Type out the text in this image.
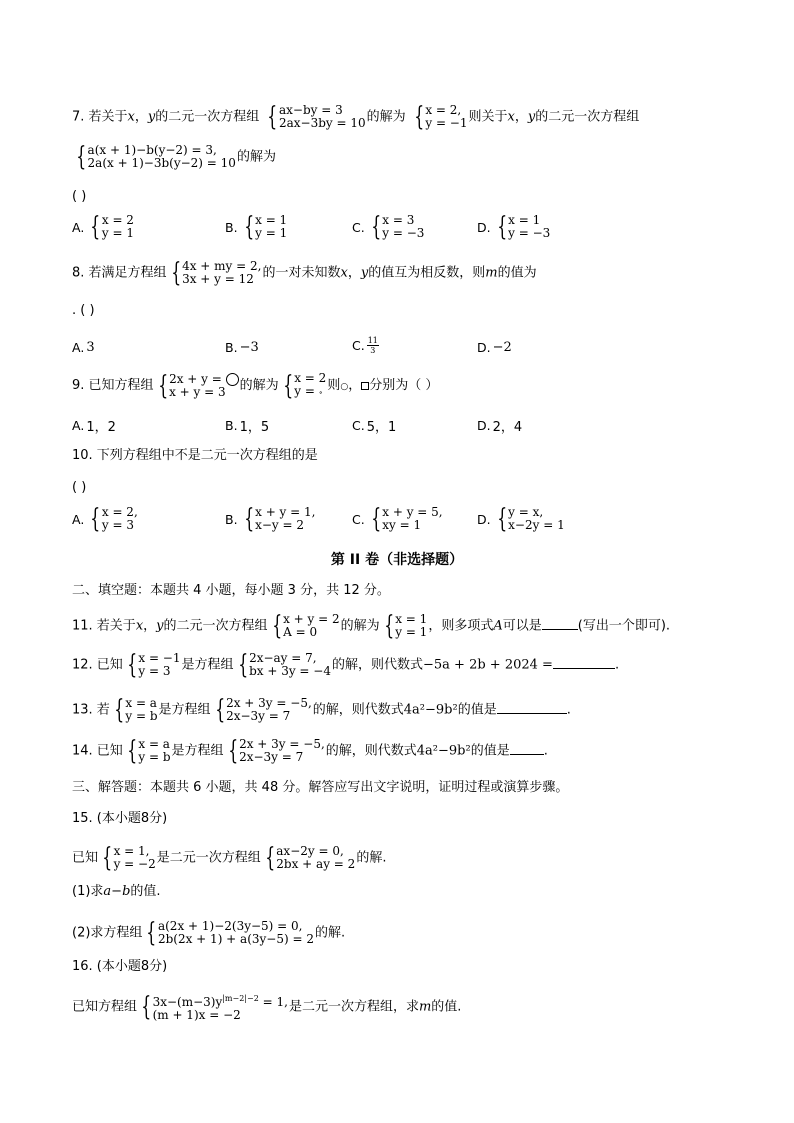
7. 若关于x，y的二元一次方程组 { ax−by = 3
2ax−3by = 10 的解为 { x = 2,
y = −1 则关于x，y的二元一次方程组
{ a(x + 1)−b(y−2) = 3,
2a(x + 1)−3b(y−2) = 10 的解为
( )
A. { x = 2
y = 1	B. { x = 1
y = 1	C. { x = 3
y = −3	D. { x = 1
y = −3
8. 若满足方程组 { 4x + my = 2,
3x + y = 12 的一对未知数x，y的值互为相反数，则m的值为
. ( )
A. 3	B. −3	C. $\frac{11}{3}$	D. −2
9. 已知方程组 { 2x + y =
x + y = 3	的解为 { x = 2
y = ∘ 则○， 分别为（ ）
A. 1，2	B. 1，5	C. 5，1	D. 2，4
10. 下列方程组中不是二元一次方程组的是
( )
A. { x = 2,
y = 3	B. { x + y = 1,
x−y = 2	C. { x + y = 5,
xy = 1	D. { y = x,
x−2y = 1
第 II 卷（非选择题）
二、填空题：本题共 4 小题，每小题 3 分，共 12 分。
11. 若关于x，y的二元一次方程组 { x + y = 2
A = 0	的解为 { x = 1
y = 1 ，则多项式A可以是	(写出一个即可).
12. 已知 { x = −1
y = 3 是方程组 { 2x−ay = 7,
bx + 3y = −4 的解，则代数式−5a + 2b + 2024 =	.
13. 若 { x = a
y = b 是方程组 { 2x + 3y = −5,
2x−3y = 7	的解，则代数式4a²−9b²的值是	.
14. 已知 { x = a
y = b 是方程组 { 2x + 3y = −5,
2x−3y = 7	的解，则代数式4a²−9b²的值是	.
三、解答题：本题共 6 小题，共 48 分。解答应写出文字说明，证明过程或演算步骤。
15. (本小题8分)
已知 { x = 1,
y = −2 是二元一次方程组 { ax−2y = 0,
2bx + ay = 2 的解.
(1)求a−b的值.
(2)求方程组 { a(2x + 1)−2(3y−5) = 0,
2b(2x + 1) + a(3y−5) = 2 的解.
16. (本小题8分)
已知方程组 { $3x-(m-3)y^{|m-2|-2} = 1$,
(m + 1)x = −2
是二元一次方程组，求m的值.
